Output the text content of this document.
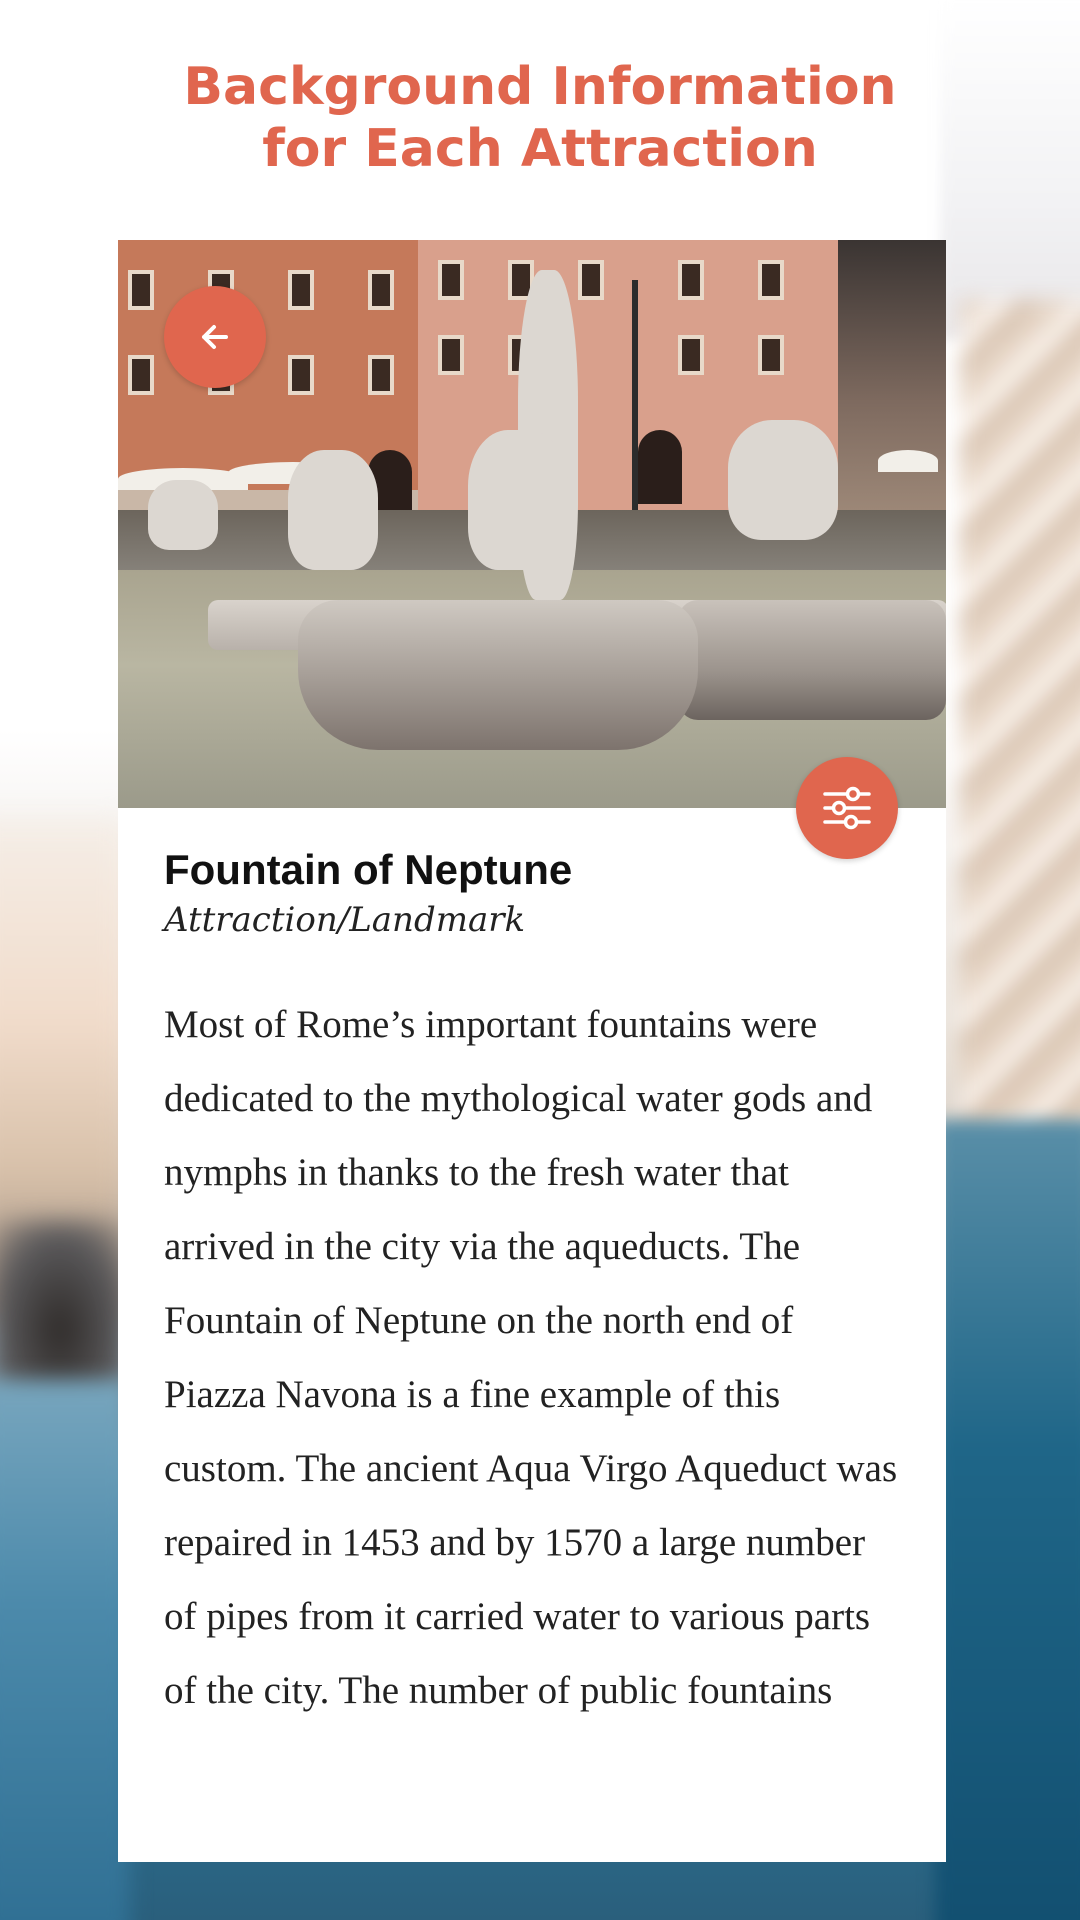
Background Information
for Each Attraction
Fountain of Neptune

Attraction/Landmark

Most of Rome’s important fountains were dedicated to the mythological water gods and nymphs in thanks to the fresh water that arrived in the city via the aqueducts. The Fountain of Neptune on the north end of Piazza Navona is a fine example of this custom. The ancient Aqua Virgo Aqueduct was repaired in 1453 and by 1570 a large number of pipes from it carried water to various parts of the city. The number of public fountains
